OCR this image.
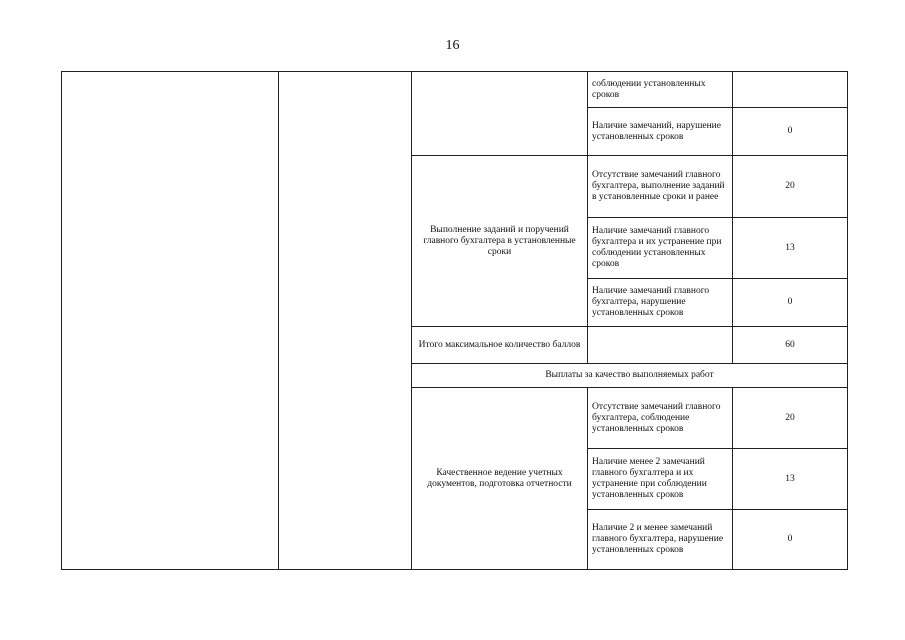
16
			соблюдении установленных сроков	
			Наличие замечаний, нарушение установленных сроков	0
		Выполнение заданий и поручений главного бухгалтера в установленные сроки	Отсутствие замечаний главного бухгалтера, выполнение заданий в установленные сроки и ранее	20
			Наличие замечаний главного бухгалтера и их устранение при соблюдении установленных сроков	13
			Наличие замечаний главного бухгалтера, нарушение установленных сроков	0
		Итого максимальное количество баллов		60
		Выплаты за качество выполняемых работ		
		Качественное ведение учетных документов, подготовка отчетности	Отсутствие замечаний главного бухгалтера, соблюдение установленных сроков	20
			Наличие менее 2 замечаний главного бухгалтера и их устранение при соблюдении установленных сроков	13
			Наличие 2 и менее замечаний главного бухгалтера, нарушение установленных сроков	0
